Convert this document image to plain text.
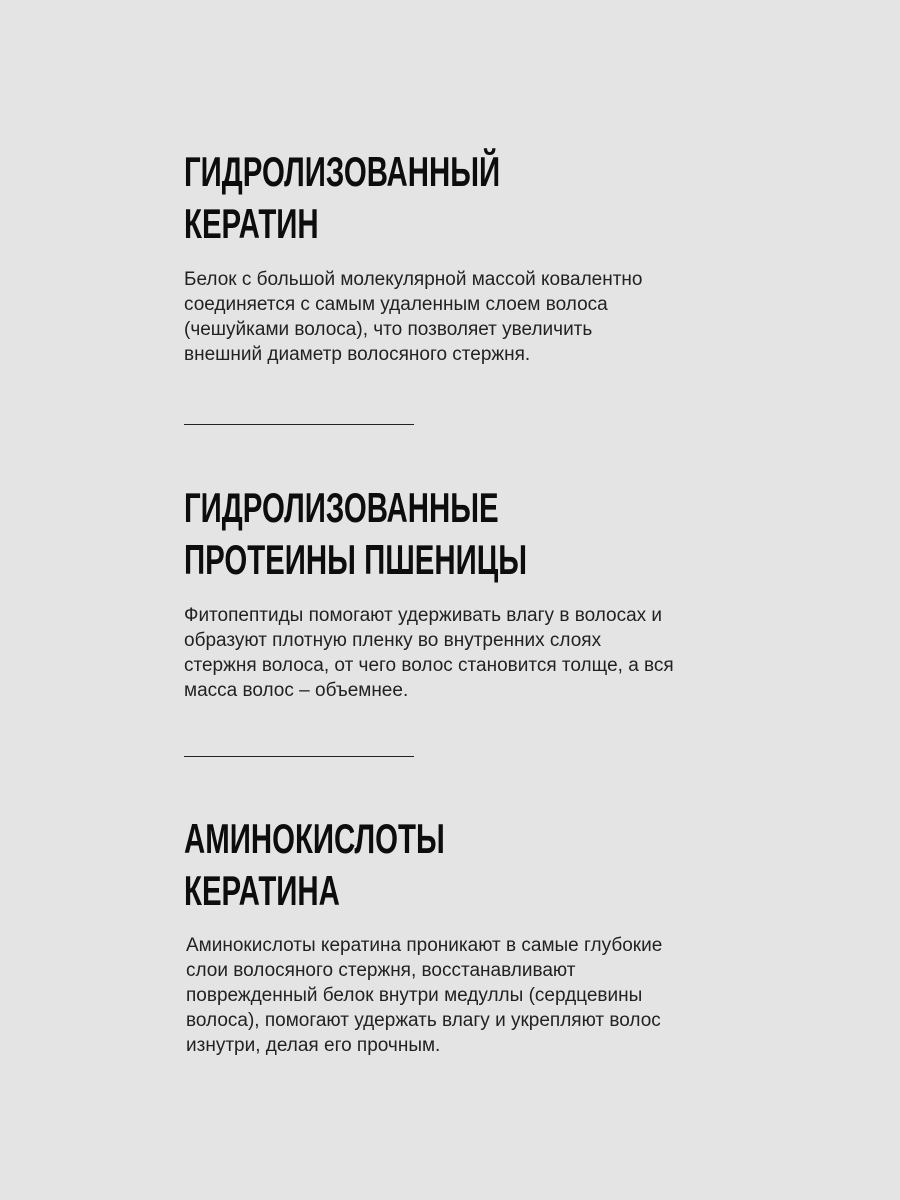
ГИДРОЛИЗОВАННЫЙ
КЕРАТИН
Белок с большой молекулярной массой ковалентно
соединяется с самым удаленным слоем волоса
(чешуйками волоса), что позволяет увеличить
внешний диаметр волосяного стержня.
ГИДРОЛИЗОВАННЫЕ
ПРОТЕИНЫ ПШЕНИЦЫ
Фитопептиды помогают удерживать влагу в волосах и
образуют плотную пленку во внутренних слоях
стержня волоса, от чего волос становится толще, а вся
масса волос – объемнее.
АМИНОКИСЛОТЫ
КЕРАТИНА
Аминокислоты кератина проникают в самые глубокие
слои волосяного стержня, восстанавливают
поврежденный белок внутри медуллы (сердцевины
волоса), помогают удержать влагу и укрепляют волос
изнутри, делая его прочным.
